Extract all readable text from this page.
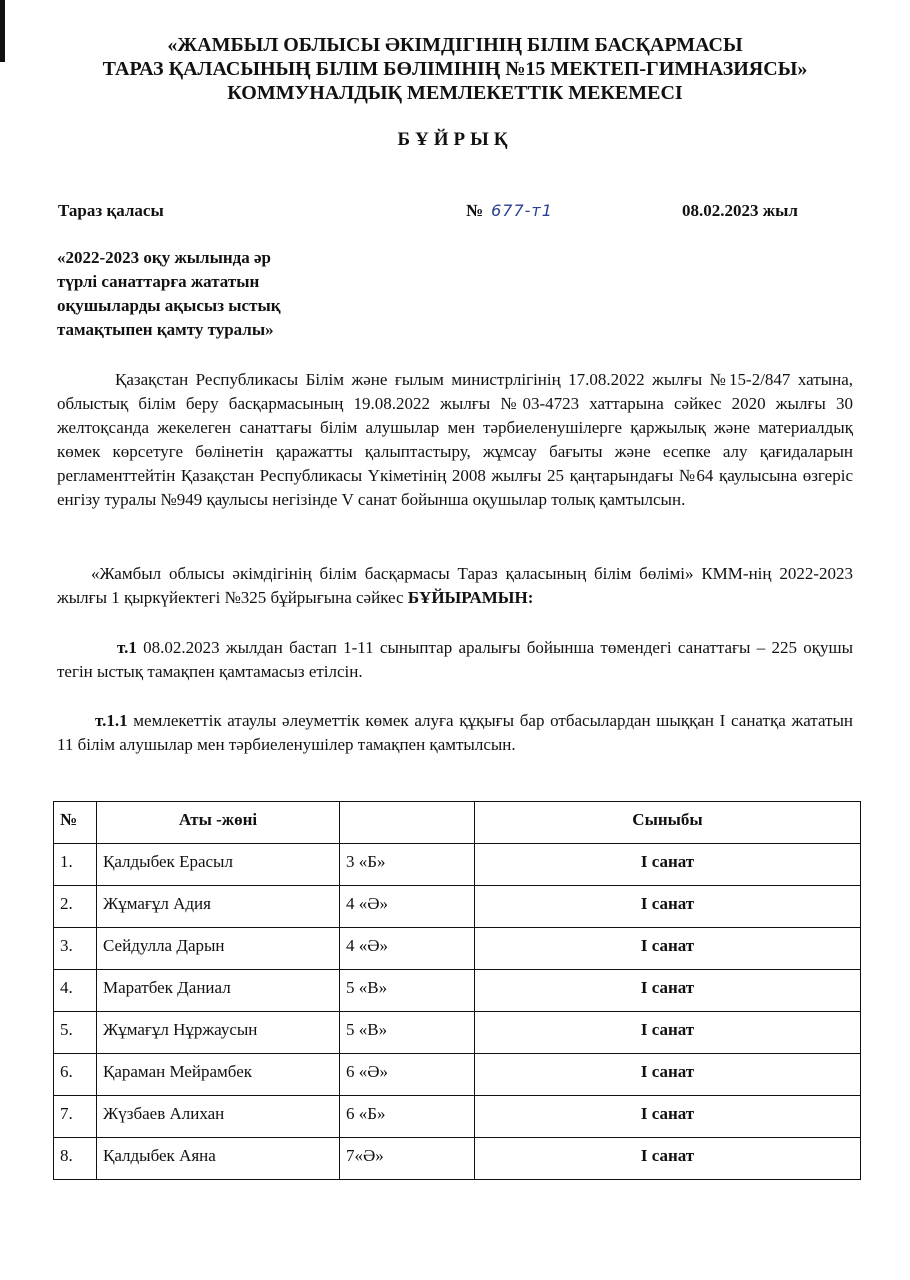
«ЖАМБЫЛ ОБЛЫСЫ ӘКІМДІГІНІҢ БІЛІМ БАСҚАРМАСЫ
ТАРАЗ ҚАЛАСЫНЫҢ БІЛІМ БӨЛІМІНІҢ №15 МЕКТЕП-ГИМНАЗИЯСЫ»
КОММУНАЛДЫҚ МЕМЛЕКЕТТІК МЕКЕМЕСІ
БҰЙРЫҚ
Тараз қаласы	№ 677-т1	08.02.2023 жыл
«2022-2023 оқу жылында әр
түрлі санаттарға жататын
оқушыларды ақысыз ыстық
тамақтыпен қамту туралы»
Қазақстан Республикасы Білім және ғылым министрлігінің 17.08.2022 жылғы №15-2/847 хатына, облыстық білім беру басқармасының 19.08.2022 жылғы №03-4723 хаттарына сәйкес 2020 жылғы 30 желтоқсанда жекелеген санаттағы білім алушылар мен тәрбиеленушілерге қаржылық және материалдық көмек көрсетуге бөлінетін қаражатты қалыптастыру, жұмсау бағыты және есепке алу қағидаларын регламенттейтін Қазақстан Республикасы Үкіметінің 2008 жылғы 25 қаңтарындағы №64 қаулысына өзгеріс енгізу туралы №949 қаулысы негізінде V санат бойынша оқушылар толық қамтылсын.
«Жамбыл облысы әкімдігінің білім басқармасы Тараз қаласының білім бөлімі» КММ-нің 2022-2023 жылғы 1 қыркүйектегі №325 бұйрығына сәйкес БҰЙЫРАМЫН:
т.1 08.02.2023 жылдан бастап 1-11 сыныптар аралығы бойынша төмендегі санаттағы – 225 оқушы тегін ыстық тамақпен қамтамасыз етілсін.
т.1.1 мемлекеттік атаулы әлеуметтік көмек алуға құқығы бар отбасылардан шыққан I санатқа жататын 11 білім алушылар мен тәрбиеленушілер тамақпен қамтылсын.
№	Аты -жөні		Сыныбы
1.	Қалдыбек Ерасыл	3 «Б»	I санат
2.	Жұмағұл Адия	4 «Ә»	I санат
3.	Сейдулла Дарын	4 «Ә»	I санат
4.	Маратбек Даниал	5 «В»	I санат
5.	Жұмағұл Нұржаусын	5 «В»	I санат
6.	Қараман Мейрамбек	6 «Ә»	I санат
7.	Жүзбаев Алихан	6 «Б»	I санат
8.	Қалдыбек Аяна	7«Ә»	I санат
